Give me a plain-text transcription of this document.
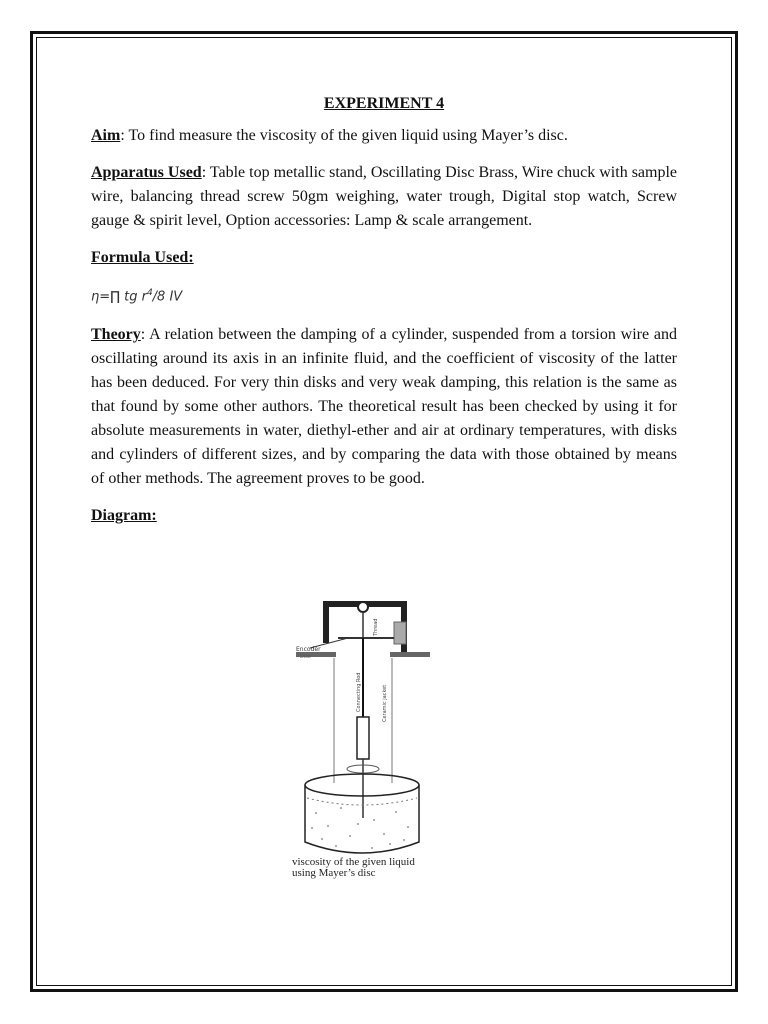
EXPERIMENT 4

Aim: To find measure the viscosity of the given liquid using Mayer’s disc.

Apparatus Used: Table top metallic stand, Oscillating Disc Brass, Wire chuck with sample wire, balancing thread screw 50gm weighing, water trough, Digital stop watch, Screw gauge & spirit level, Option accessories: Lamp & scale arrangement.

Formula Used:
η=∏ tg $r^4/8$ IV

Theory: A relation between the damping of a cylinder, suspended from a torsion wire and oscillating around its axis in an infinite fluid, and the coefficient of viscosity of the latter has been deduced. For very thin disks and very weak damping, this relation is the same as that found by some other authors. The theoretical result has been checked by using it for absolute measurements in water, diethyl-ether and air at ordinary temperatures, with disks and cylinders of different sizes, and by comparing the data with those obtained by means of other methods. The agreement proves to be good.

Diagram:
Encoder
Disk
Thread
Connecting Rod	Ceramic jacket
viscosity of the given liquid
using Mayer’s disc
